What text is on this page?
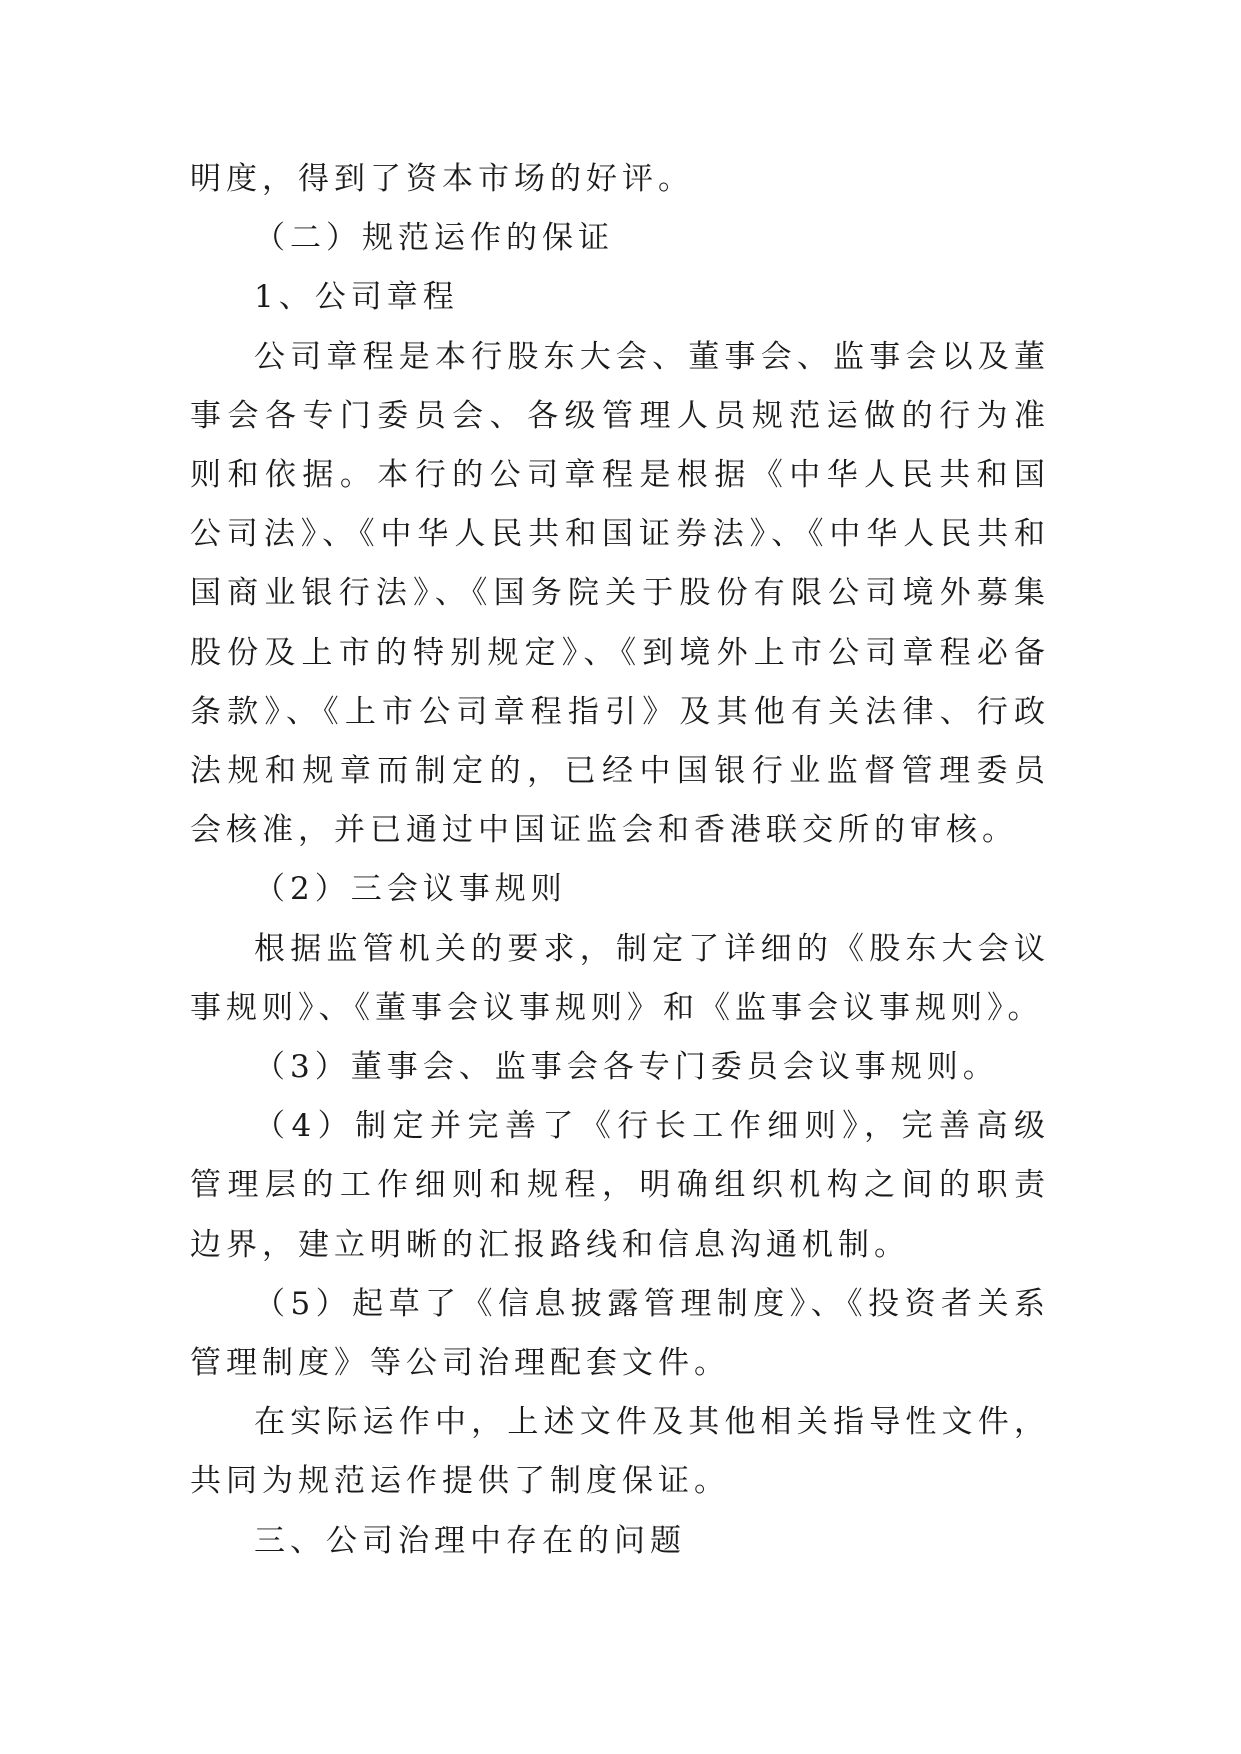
明度，得到了资本市场的好评。

（二）规范运作的保证

1、公司章程

公司章程是本行股东大会、董事会、监事会以及董事会各专门委员会、各级管理人员规范运做的行为准则和依据。本行的公司章程是根据《中华人民共和国公司法》、《中华人民共和国证券法》、《中华人民共和国商业银行法》、《国务院关于股份有限公司境外募集股份及上市的特别规定》、《到境外上市公司章程必备条款》、《上市公司章程指引》及其他有关法律、行政法规和规章而制定的，已经中国银行业监督管理委员会核准，并已通过中国证监会和香港联交所的审核。

（2）三会议事规则

根据监管机关的要求，制定了详细的《股东大会议事规则》、《董事会议事规则》和《监事会议事规则》。

（3）董事会、监事会各专门委员会议事规则。

（4）制定并完善了《行长工作细则》，完善高级管理层的工作细则和规程，明确组织机构之间的职责边界，建立明晰的汇报路线和信息沟通机制。

（5）起草了《信息披露管理制度》、《投资者关系管理制度》等公司治理配套文件。

在实际运作中，上述文件及其他相关指导性文件，共同为规范运作提供了制度保证。

三、公司治理中存在的问题
